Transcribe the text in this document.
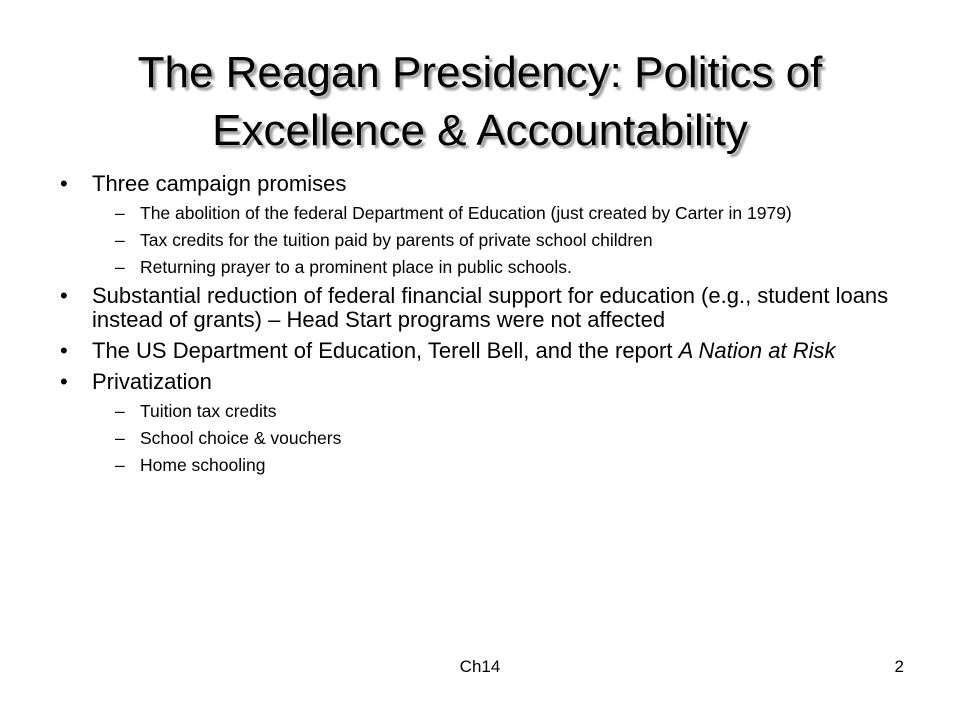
The Reagan Presidency: Politics of
Excellence & Accountability
•	Three campaign promises
– The abolition of the federal Department of Education (just created by Carter in 1979)
– Tax credits for the tuition paid by parents of private school children
– Returning prayer to a prominent place in public schools.
•	Substantial reduction of federal financial support for education (e.g., student loans instead of grants) – Head Start programs were not affected
•	The US Department of Education, Terell Bell, and the report A Nation at Risk
•	Privatization
– Tuition tax credits
– School choice & vouchers
– Home schooling
Ch14	2
